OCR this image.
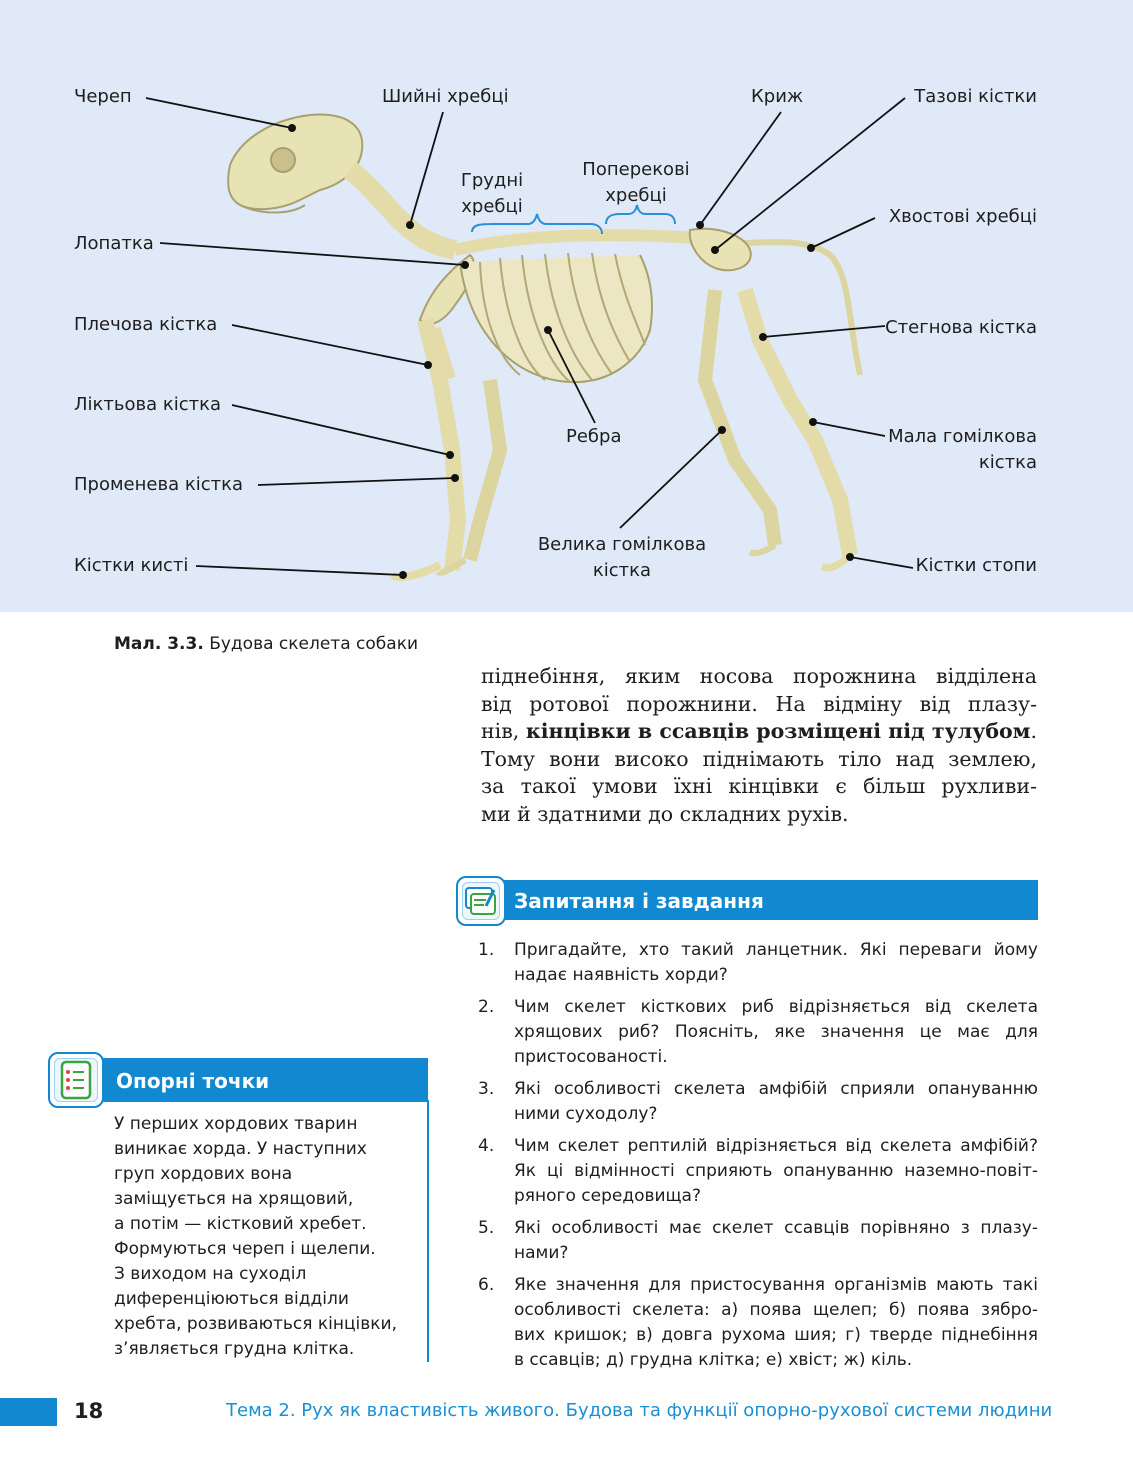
Череп	Шийні хребці	Криж	Тазові кістки
Грудні
хребці
Поперекові
хребці
Хвостові хребці
Лопатка
Плечова кістка	Стегнова кістка
Ліктьова кістка
Ребра	Мала гомілкова
кістка
Променева кістка
Велика гомілкова
кістка
Кістки кисті	Кістки стопи
Мал. 3.3. Будова скелета собаки
піднебіння, яким носова порожнина відділена
від ротової порожнини. На відміну від плазу-
нів, кінцівки в ссавців розміщені під тулубом.
Тому вони високо піднімають тіло над землею,
за такої умови їхні кінцівки є більш рухливи-
ми й здатними до складних рухів.
Запитання і завдання
1. Пригадайте, хто такий ланцетник. Які переваги йому
надає наявність хорди?
2. Чим скелет кісткових риб відрізняється від скелета
хрящових риб? Поясніть, яке значення це має для
пристосованості.
3. Які особливості скелета амфібій сприяли опануванню
ними суходолу?
4. Чим скелет рептилій відрізняється від скелета амфібій?
Як ці відмінності сприяють опануванню наземно-повіт-
ряного середовища?
5. Які особливості має скелет ссавців порівняно з плазу-
нами?
6. Яке значення для пристосування організмів мають такі
особливості скелета: а) поява щелеп; б) поява зябро-
вих кришок; в) довга рухома шия; г) тверде піднебіння
в ссавців; д) грудна клітка; е) хвіст; ж) кіль.
Опорні точки
У перших хордових тварин
виникає хорда. У наступних
груп хордових вона
заміщується на хрящовий,
а потім — кістковий хребет.
Формуються череп і щелепи.
З виходом на суходіл
диференціюються відділи
хребта, розвиваються кінцівки,
з’являється грудна клітка.
18	Тема 2. Рух як властивість живого. Будова та функції опорно-рухової системи людини
